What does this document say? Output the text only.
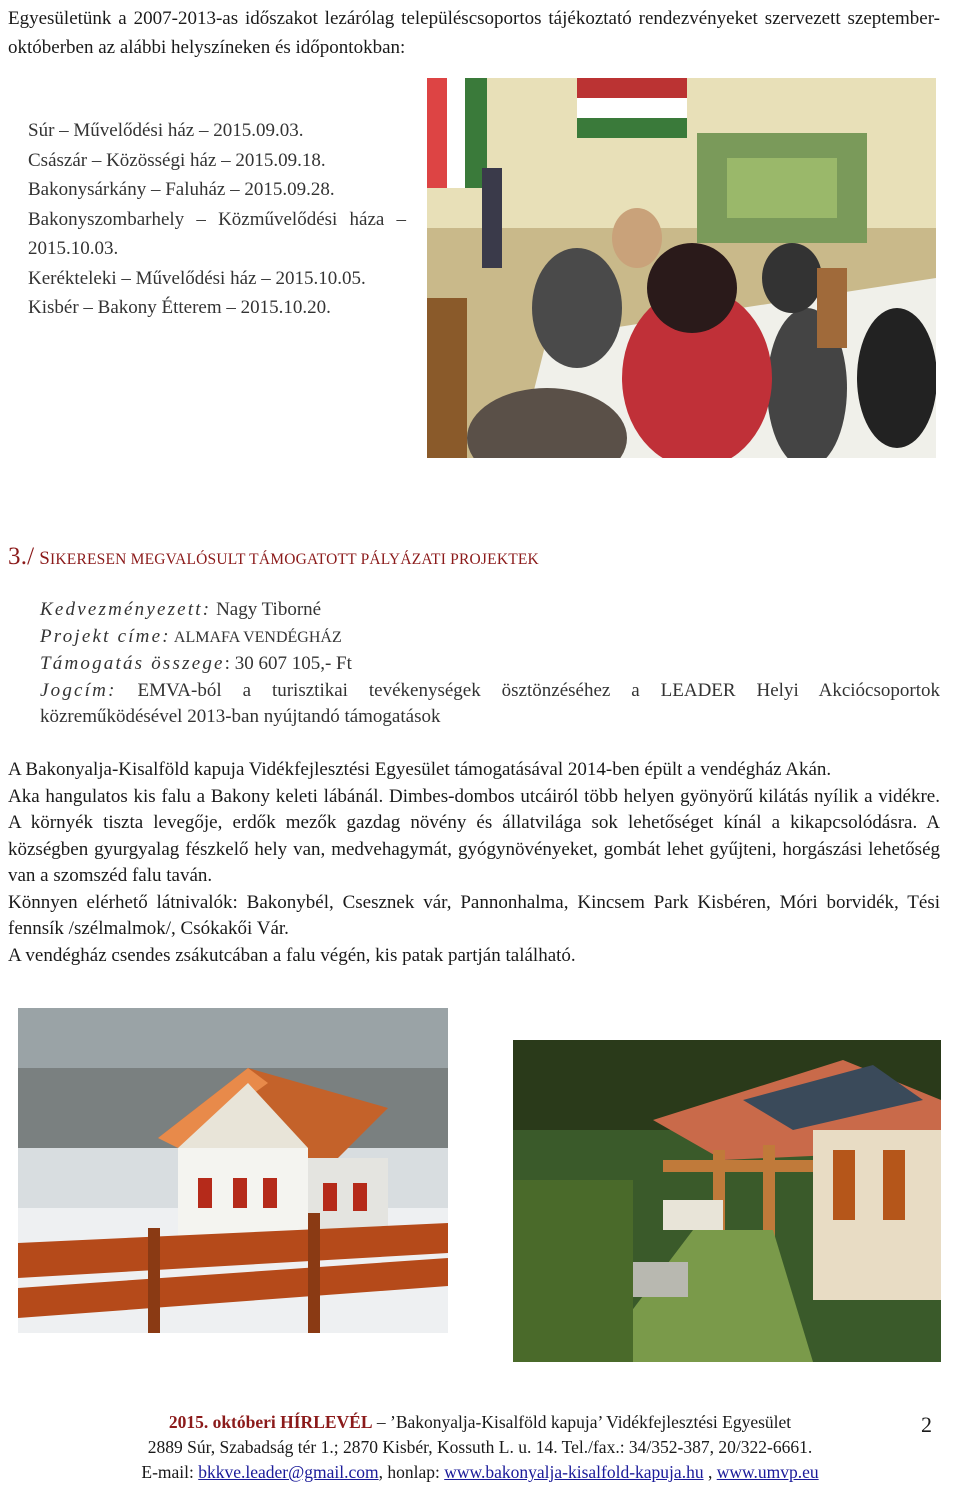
Egyesületünk a 2007-2013-as időszakot lezárólag településcsoportos tájékoztató rendezvényeket szervezett szeptember-októberben az alábbi helyszíneken és időpontokban:
Súr – Művelődési ház – 2015.09.03.
Császár – Közösségi ház – 2015.09.18.
Bakonysárkány – Faluház – 2015.09.28.
Bakonyszombarhely – Közművelődési háza – 2015.10.03.
Kerékteleki – Művelődési ház – 2015.10.05.
Kisbér – Bakony Étterem – 2015.10.20.
3./ SIKERESEN MEGVALÓSULT TÁMOGATOTT PÁLYÁZATI PROJEKTEK
Kedvezményezett: Nagy Tiborné
Projekt címe: ALMAFA VENDÉGHÁZ
Támogatás összege: 30 607 105,- Ft
Jogcím: EMVA-ból a turisztikai tevékenységek ösztönzéséhez a LEADER Helyi Akciócsoportok közreműködésével 2013-ban nyújtandó támogatások
A Bakonyalja-Kisalföld kapuja Vidékfejlesztési Egyesület támogatásával 2014-ben épült a vendégház Akán.
Aka hangulatos kis falu a Bakony keleti lábánál. Dimbes-dombos utcáiról több helyen gyönyörű kilátás nyílik a vidékre. A környék tiszta levegője, erdők mezők gazdag növény és állatvilága sok lehetőséget kínál a kikapcsolódásra. A községben gyurgyalag fészkelő hely van, medvehagymát, gyógynövényeket, gombát lehet gyűjteni, horgászási lehetőség van a szomszéd falu taván.
Könnyen elérhető látnivalók: Bakonybél, Csesznek vár, Pannonhalma, Kincsem Park Kisbéren, Móri borvidék, Tési fennsík /szélmalmok/, Csókakői Vár.
A vendégház csendes zsákutcában a falu végén, kis patak partján található.
2015. októberi HÍRLEVÉL – ’Bakonyalja-Kisalföld kapuja’ Vidékfejlesztési Egyesület
2889 Súr, Szabadság tér 1.; 2870 Kisbér, Kossuth L. u. 14. Tel./fax.: 34/352-387, 20/322-6661.
E-mail: bkkve.leader@gmail.com, honlap: www.bakonyalja-kisalfold-kapuja.hu , www.umvp.eu
2
